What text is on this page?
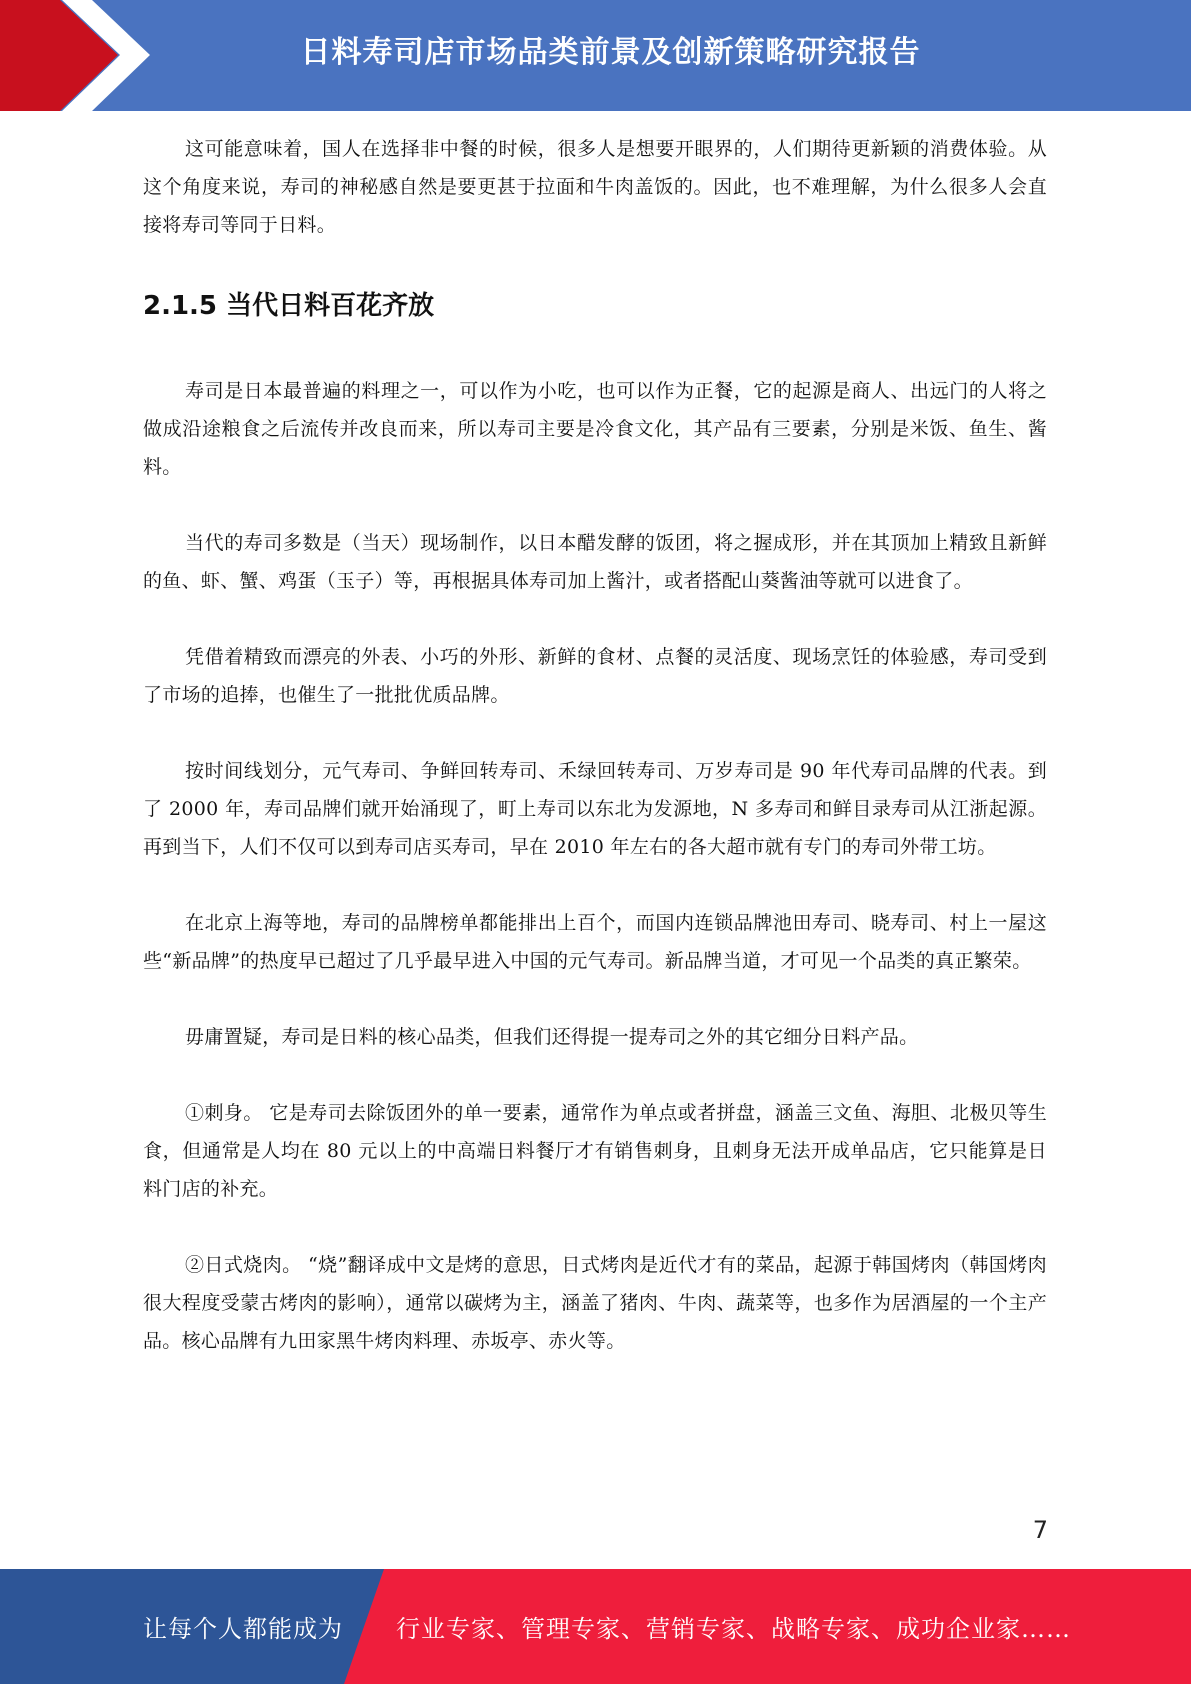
日料寿司店市场品类前景及创新策略研究报告

这可能意味着，国人在选择非中餐的时候，很多人是想要开眼界的，人们期待更新颖的消费体验。从这个角度来说，寿司的神秘感自然是要更甚于拉面和牛肉盖饭的。因此，也不难理解，为什么很多人会直接将寿司等同于日料。

2.1.5 当代日料百花齐放

寿司是日本最普遍的料理之一，可以作为小吃，也可以作为正餐，它的起源是商人、出远门的人将之做成沿途粮食之后流传并改良而来，所以寿司主要是冷食文化，其产品有三要素，分别是米饭、鱼生、酱料。

当代的寿司多数是（当天）现场制作，以日本醋发酵的饭团，将之握成形，并在其顶加上精致且新鲜的鱼、虾、蟹、鸡蛋（玉子）等，再根据具体寿司加上酱汁，或者搭配山葵酱油等就可以进食了。

凭借着精致而漂亮的外表、小巧的外形、新鲜的食材、点餐的灵活度、现场烹饪的体验感，寿司受到了市场的追捧，也催生了一批批优质品牌。

按时间线划分，元气寿司、争鲜回转寿司、禾绿回转寿司、万岁寿司是 90 年代寿司品牌的代表。到了 2000 年，寿司品牌们就开始涌现了，町上寿司以东北为发源地，N 多寿司和鲜目录寿司从江浙起源。再到当下，人们不仅可以到寿司店买寿司，早在 2010 年左右的各大超市就有专门的寿司外带工坊。

在北京上海等地，寿司的品牌榜单都能排出上百个，而国内连锁品牌池田寿司、晓寿司、村上一屋这些“新品牌”的热度早已超过了几乎最早进入中国的元气寿司。新品牌当道，才可见一个品类的真正繁荣。

毋庸置疑，寿司是日料的核心品类，但我们还得提一提寿司之外的其它细分日料产品。

①刺身。 它是寿司去除饭团外的单一要素，通常作为单点或者拼盘，涵盖三文鱼、海胆、北极贝等生食，但通常是人均在 80 元以上的中高端日料餐厅才有销售刺身，且刺身无法开成单品店，它只能算是日料门店的补充。

②日式烧肉。 “烧”翻译成中文是烤的意思，日式烤肉是近代才有的菜品，起源于韩国烤肉（韩国烤肉很大程度受蒙古烤肉的影响），通常以碳烤为主，涵盖了猪肉、牛肉、蔬菜等，也多作为居酒屋的一个主产品。核心品牌有九田家黑牛烤肉料理、赤坂亭、赤火等。

7
让每个人都能成为 行业专家、管理专家、营销专家、战略专家、成功企业家……
